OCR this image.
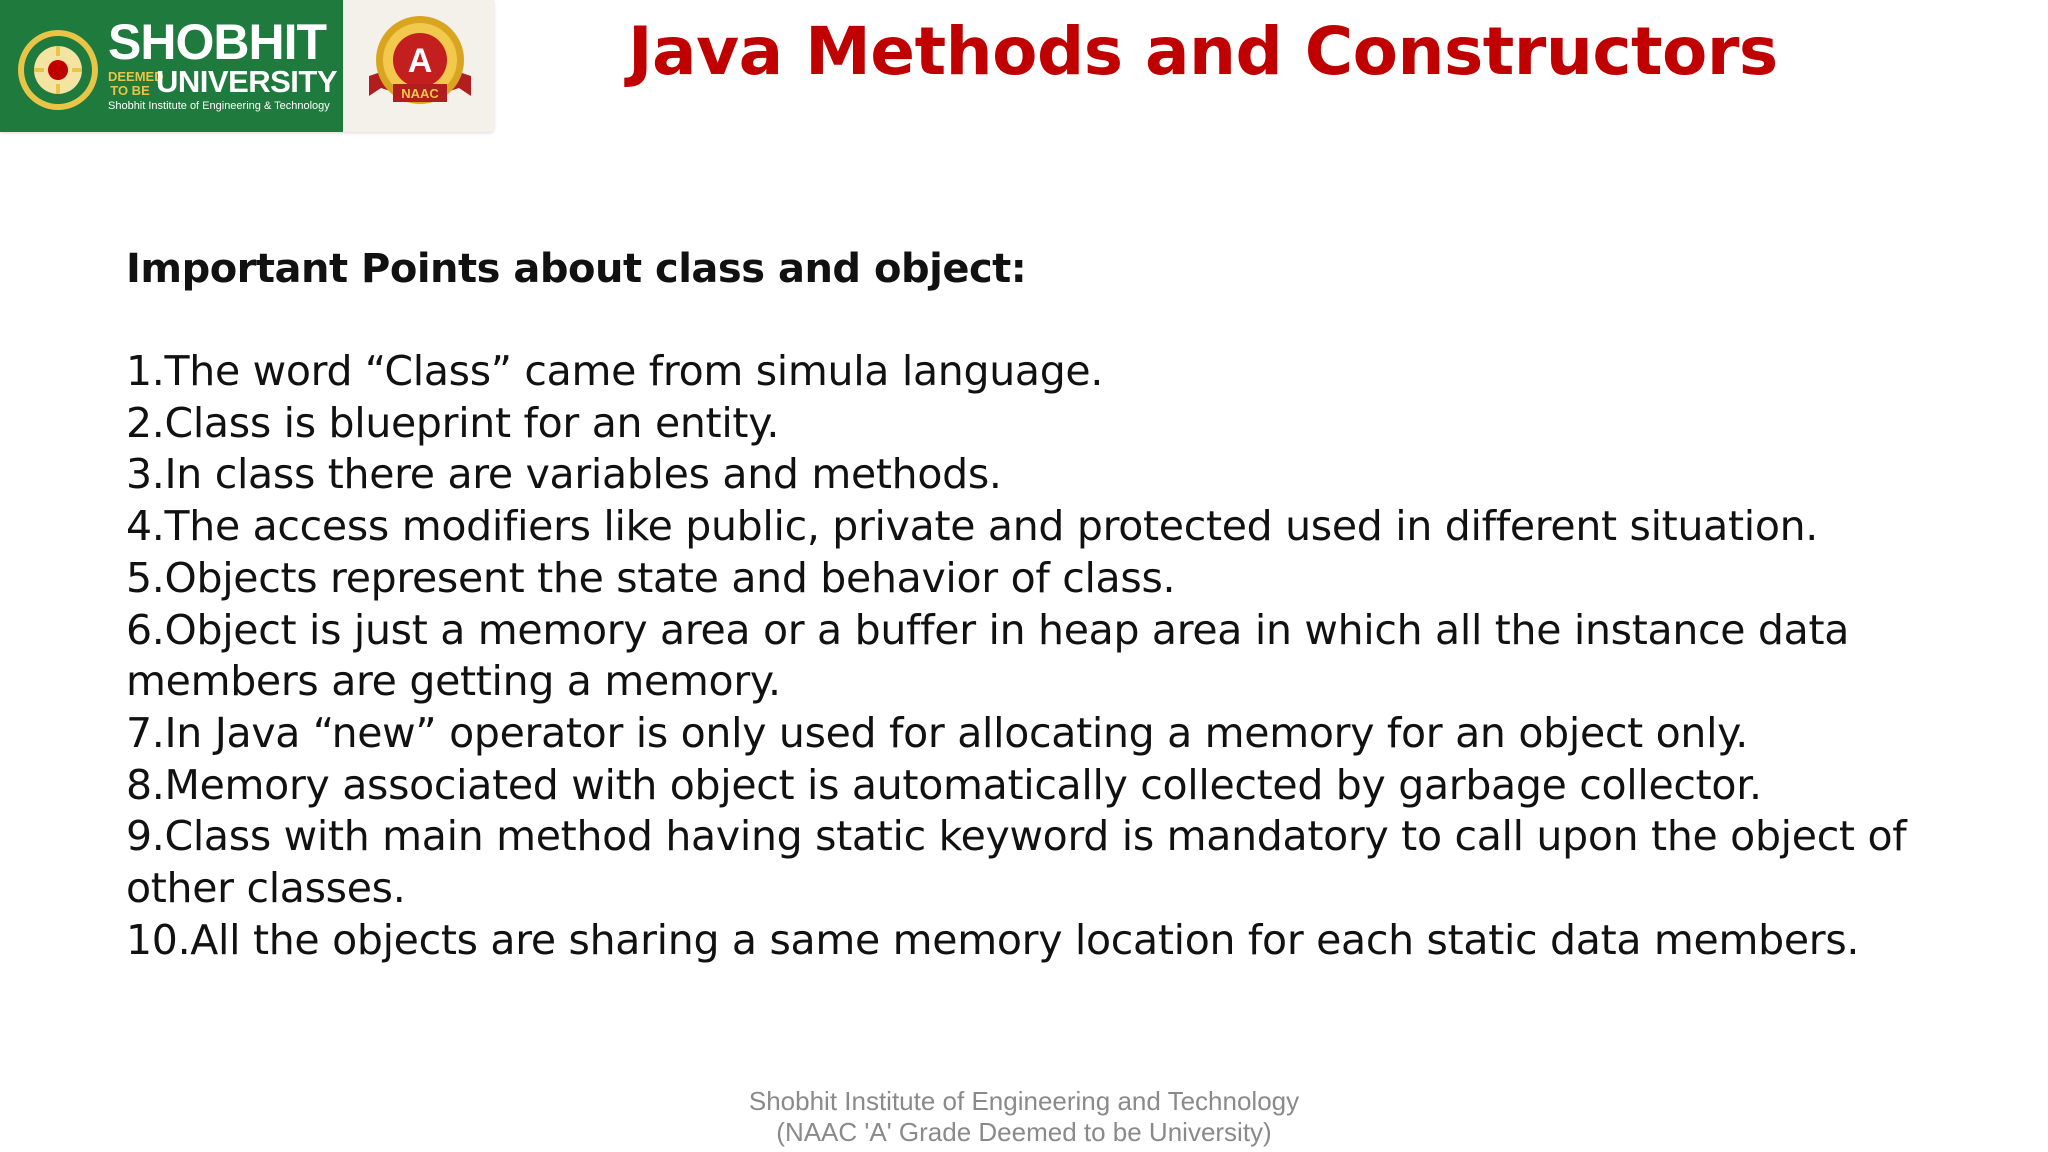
SHOBHIT
DEEMED
TO BE UNIVERSITY
Shobhit Institute of Engineering & Technology
A
NAAC
Java Methods and Constructors
Important Points about class and object:
1.The word “Class” came from simula language.
2.Class is blueprint for an entity.
3.In class there are variables and methods.
4.The access modifiers like public, private and protected used in different situation.
5.Objects represent the state and behavior of class.
6.Object is just a memory area or a buffer in heap area in which all the instance data members are getting a memory.
7.In Java “new” operator is only used for allocating a memory for an object only.
8.Memory associated with object is automatically collected by garbage collector.
9.Class with main method having static keyword is mandatory to call upon the object of other classes.
10.All the objects are sharing a same memory location for each static data members.
Shobhit Institute of Engineering and Technology
(NAAC 'A' Grade Deemed to be University)
